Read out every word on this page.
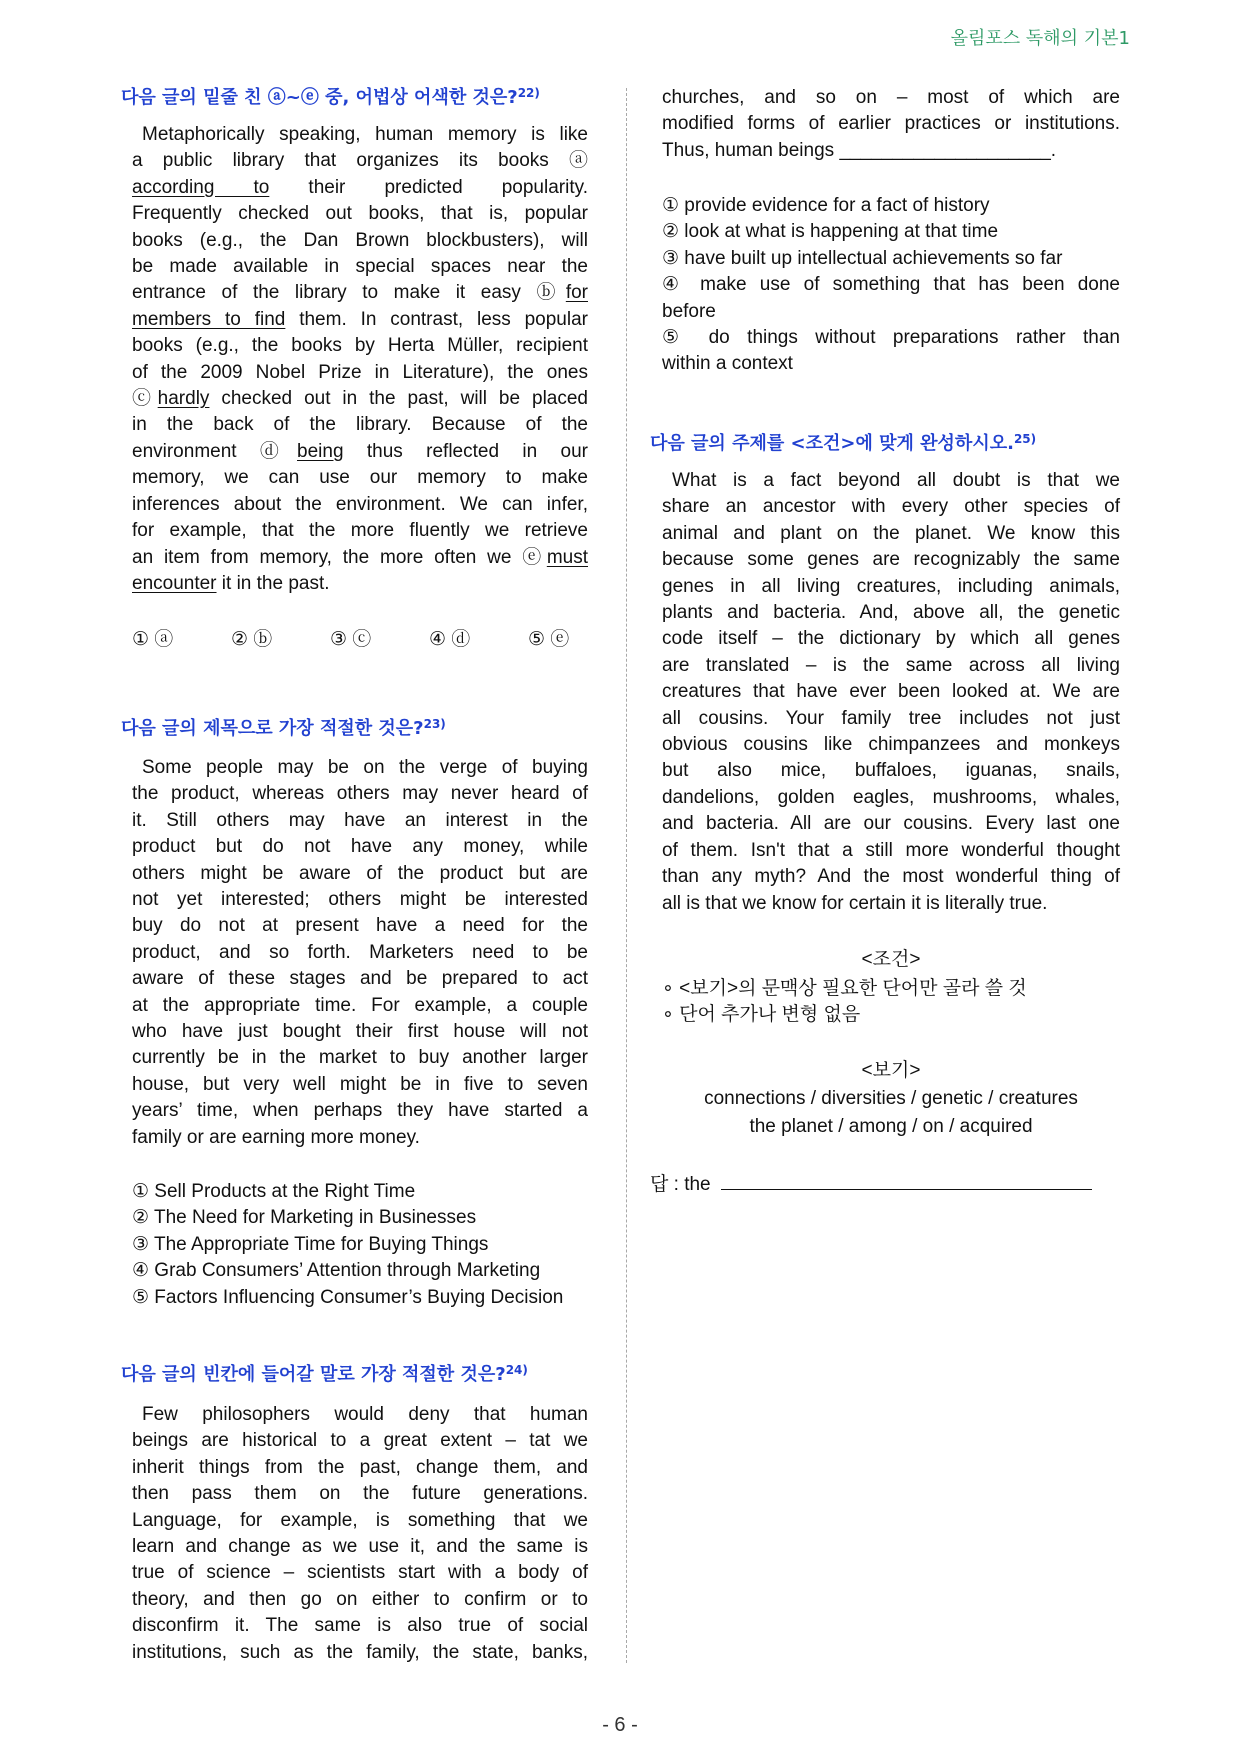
올림포스 독해의 기본1
다음 글의 밑줄 친 ⓐ~ⓔ 중, 어법상 어색한 것은?$^{22)}$
Metaphorically speaking, human memory is like
a public library that organizes its books ⓐ
according to their predicted popularity.
Frequently checked out books, that is, popular
books (e.g., the Dan Brown blockbusters), will
be made available in special spaces near the
entrance of the library to make it easy ⓑfor
members to find them. In contrast, less popular
books (e.g., the books by Herta Müller, recipient
of the 2009 Nobel Prize in Literature), the ones
ⓒhardly checked out in the past, will be placed
in the back of the library. Because of the
environment ⓓbeing thus reflected in our
memory, we can use our memory to make
inferences about the environment. We can infer,
for example, that the more fluently we retrieve
an item from memory, the more often we ⓔmust
encounter it in the past.
① ⓐ	② ⓑ	③ ⓒ	④ ⓓ	⑤ ⓔ
다음 글의 제목으로 가장 적절한 것은?$^{23)}$
Some people may be on the verge of buying
the product, whereas others may never heard of
it. Still others may have an interest in the
product but do not have any money, while
others might be aware of the product but are
not yet interested; others might be interested
buy do not at present have a need for the
product, and so forth. Marketers need to be
aware of these stages and be prepared to act
at the appropriate time. For example, a couple
who have just bought their first house will not
currently be in the market to buy another larger
house, but very well might be in five to seven
years’ time, when perhaps they have started a
family or are earning more money.
① Sell Products at the Right Time
② The Need for Marketing in Businesses
③ The Appropriate Time for Buying Things
④ Grab Consumers’ Attention through Marketing
⑤ Factors Influencing Consumer’s Buying Decision
다음 글의 빈칸에 들어갈 말로 가장 적절한 것은?$^{24)}$
Few philosophers would deny that human
beings are historical to a great extent – tat we
inherit things from the past, change them, and
then pass them on the future generations.
Language, for example, is something that we
learn and change as we use it, and the same is
true of science – scientists start with a body of
theory, and then go on either to confirm or to
disconfirm it. The same is also true of social
institutions, such as the family, the state, banks,
churches, and so on – most of which are
modified forms of earlier practices or institutions.
Thus, human beings ____________________.
① provide evidence for a fact of history
② look at what is happening at that time
③ have built up intellectual achievements so far
④ make use of something that has been done
before
⑤ do things without preparations rather than
within a context
다음 글의 주제를 <조건>에 맞게 완성하시오.$^{25)}$
What is a fact beyond all doubt is that we
share an ancestor with every other species of
animal and plant on the planet. We know this
because some genes are recognizably the same
genes in all living creatures, including animals,
plants and bacteria. And, above all, the genetic
code itself – the dictionary by which all genes
are translated – is the same across all living
creatures that have ever been looked at. We are
all cousins. Your family tree includes not just
obvious cousins like chimpanzees and monkeys
but also mice, buffaloes, iguanas, snails,
dandelions, golden eagles, mushrooms, whales,
and bacteria. All are our cousins. Every last one
of them. Isn't that a still more wonderful thought
than any myth? And the most wonderful thing of
all is that we know for certain it is literally true.
<조건>
∘ <보기>의 문맥상 필요한 단어만 골라 쓸 것
∘ 단어 추가나 변형 없음
<보기>
connections / diversities / genetic / creatures
the planet / among / on / acquired
답 : the
- 6 -
